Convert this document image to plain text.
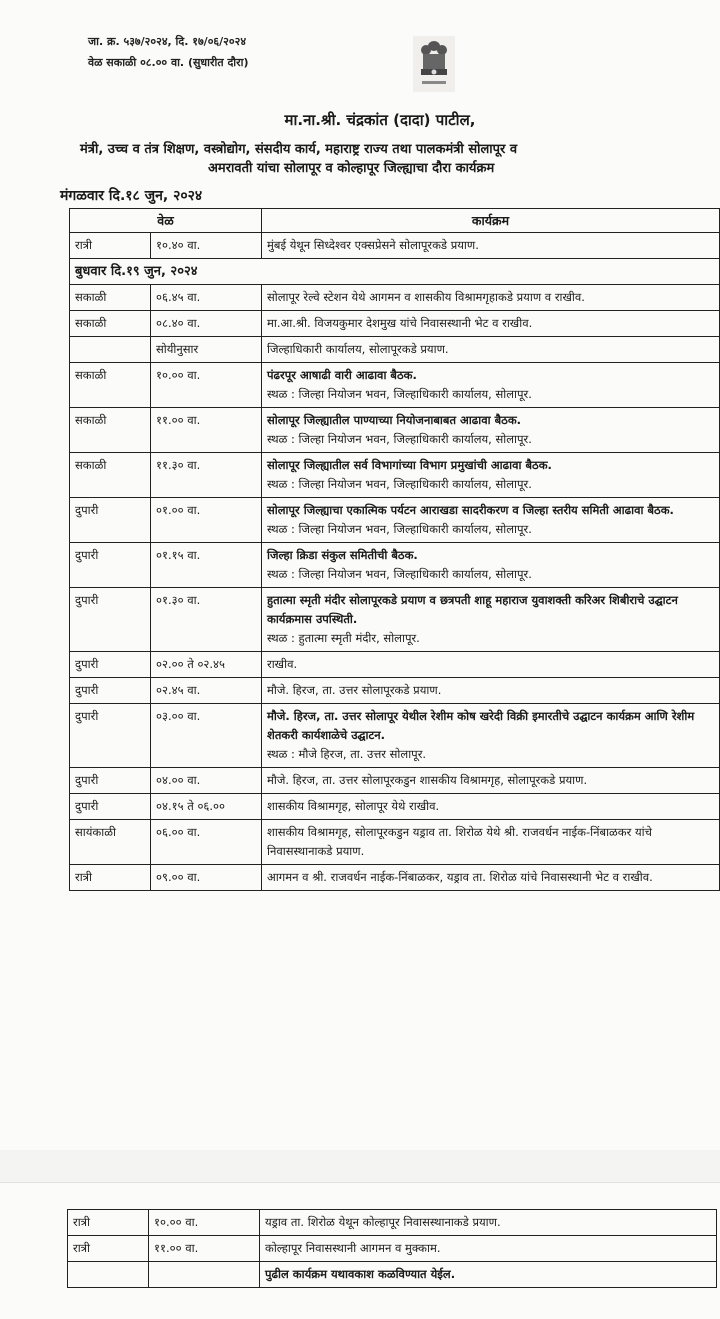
जा. क्र. ५३७/२०२४, दि. १७/०६/२०२४
वेळ सकाळी ०८.०० वा. (सुधारीत दौरा)
मा.ना.श्री. चंद्रकांत (दादा) पाटील,
मंत्री, उच्च व तंत्र शिक्षण, वस्त्रोद्योग, संसदीय कार्य, महाराष्ट्र राज्य तथा पालकमंत्री सोलापूर व
अमरावती यांचा सोलापूर व कोल्हापूर जिल्ह्याचा दौरा कार्यक्रम
मंगळवार दि.१८ जुन, २०२४
वेळ		कार्यक्रम
रात्री	१०.४० वा.	मुंबई येथून सिध्देश्वर एक्सप्रेसने सोलापूरकडे प्रयाण.
बुधवार दि.१९ जुन, २०२४		
सकाळी	०६.४५ वा.	सोलापूर रेल्वे स्टेशन येथे आगमन व शासकीय विश्रामगृहाकडे प्रयाण व राखीव.
सकाळी	०८.४० वा.	मा.आ.श्री. विजयकुमार देशमुख यांचे निवासस्थानी भेट व राखीव.
	सोयीनुसार	जिल्हाधिकारी कार्यालय, सोलापूरकडे प्रयाण.
सकाळी	१०.०० वा.	पंढरपूर आषाढी वारी आढावा बैठक.
स्थळ : जिल्हा नियोजन भवन, जिल्हाधिकारी कार्यालय, सोलापूर.

सकाळी	११.०० वा.	सोलापूर जिल्ह्यातील पाण्याच्या नियोजनाबाबत आढावा बैठक.
स्थळ : जिल्हा नियोजन भवन, जिल्हाधिकारी कार्यालय, सोलापूर.

सकाळी	११.३० वा.	सोलापूर जिल्ह्यातील सर्व विभागांच्या विभाग प्रमुखांची आढावा बैठक.
स्थळ : जिल्हा नियोजन भवन, जिल्हाधिकारी कार्यालय, सोलापूर.

दुपारी	०१.०० वा.	सोलापूर जिल्ह्याचा एकात्मिक पर्यटन आराखडा सादरीकरण व जिल्हा स्तरीय समिती आढावा बैठक.
स्थळ : जिल्हा नियोजन भवन, जिल्हाधिकारी कार्यालय, सोलापूर.

दुपारी	०१.१५ वा.	जिल्हा क्रिडा संकुल समितीची बैठक.
स्थळ : जिल्हा नियोजन भवन, जिल्हाधिकारी कार्यालय, सोलापूर.

दुपारी	०१.३० वा.	हुतात्मा स्मृती मंदीर सोलापूरकडे प्रयाण व छत्रपती शाहू महाराज युवाशक्ती करिअर शिबीराचे उद्घाटन कार्यक्रमास उपस्थिती.
स्थळ : हुतात्मा स्मृती मंदीर, सोलापूर.

दुपारी	०२.०० ते ०२.४५	राखीव.
दुपारी	०२.४५ वा.	मौजे. हिरज, ता. उत्तर सोलापूरकडे प्रयाण.
दुपारी	०३.०० वा.	मौजे. हिरज, ता. उत्तर सोलापूर येथील रेशीम कोष खरेदी विक्री इमारतीचे उद्घाटन कार्यक्रम आणि रेशीम शेतकरी कार्यशाळेचे उद्घाटन.
स्थळ : मौजे हिरज, ता. उत्तर सोलापूर.

दुपारी	०४.०० वा.	मौजे. हिरज, ता. उत्तर सोलापूरकडुन शासकीय विश्रामगृह, सोलापूरकडे प्रयाण.
दुपारी	०४.१५ ते ०६.००	शासकीय विश्रामगृह, सोलापूर येथे राखीव.
सायंकाळी	०६.०० वा.	शासकीय विश्रामगृह, सोलापूरकडुन यड्राव ता. शिरोळ येथे श्री. राजवर्धन नाईक-निंबाळकर यांचे निवासस्थानाकडे प्रयाण.
रात्री	०९.०० वा.	आगमन व श्री. राजवर्धन नाईक-निंबाळकर, यड्राव ता. शिरोळ यांचे निवासस्थानी भेट व राखीव.
रात्री	१०.०० वा.	यड्राव ता. शिरोळ येथून कोल्हापूर निवासस्थानाकडे प्रयाण.
रात्री	११.०० वा.	कोल्हापूर निवासस्थानी आगमन व मुक्काम.
		पुढील कार्यक्रम यथावकाश कळविण्यात येईल.
